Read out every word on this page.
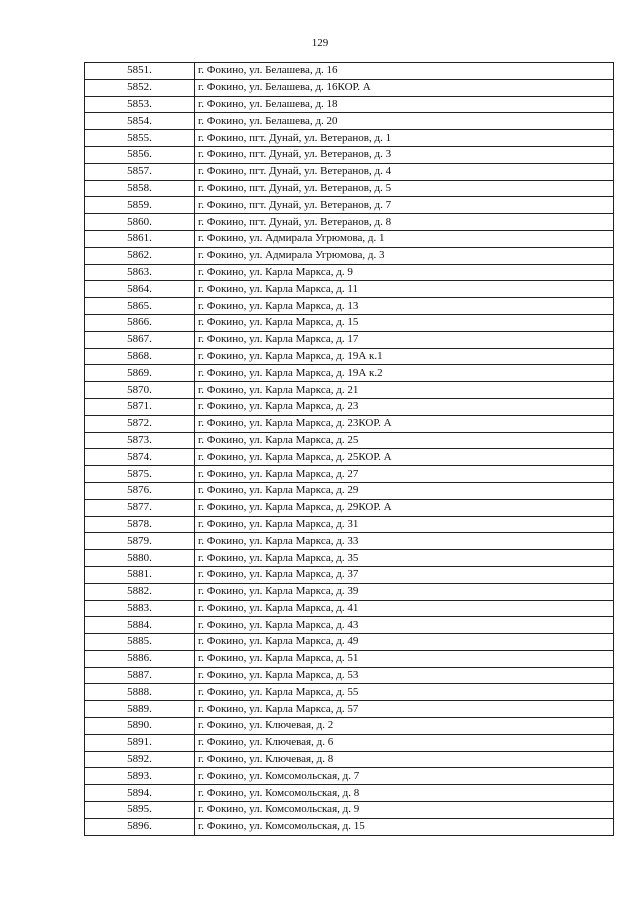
129
5851.	г. Фокино, ул. Белашева, д. 16
5852.	г. Фокино, ул. Белашева, д. 16КОР. А
5853.	г. Фокино, ул. Белашева, д. 18
5854.	г. Фокино, ул. Белашева, д. 20
5855.	г. Фокино, пгт. Дунай, ул. Ветеранов, д. 1
5856.	г. Фокино, пгт. Дунай, ул. Ветеранов, д. 3
5857.	г. Фокино, пгт. Дунай, ул. Ветеранов, д. 4
5858.	г. Фокино, пгт. Дунай, ул. Ветеранов, д. 5
5859.	г. Фокино, пгт. Дунай, ул. Ветеранов, д. 7
5860.	г. Фокино, пгт. Дунай, ул. Ветеранов, д. 8
5861.	г. Фокино, ул. Адмирала Угрюмова, д. 1
5862.	г. Фокино, ул. Адмирала Угрюмова, д. 3
5863.	г. Фокино, ул. Карла Маркса, д. 9
5864.	г. Фокино, ул. Карла Маркса, д. 11
5865.	г. Фокино, ул. Карла Маркса, д. 13
5866.	г. Фокино, ул. Карла Маркса, д. 15
5867.	г. Фокино, ул. Карла Маркса, д. 17
5868.	г. Фокино, ул. Карла Маркса, д. 19А к.1
5869.	г. Фокино, ул. Карла Маркса, д. 19А к.2
5870.	г. Фокино, ул. Карла Маркса, д. 21
5871.	г. Фокино, ул. Карла Маркса, д. 23
5872.	г. Фокино, ул. Карла Маркса, д. 23КОР. А
5873.	г. Фокино, ул. Карла Маркса, д. 25
5874.	г. Фокино, ул. Карла Маркса, д. 25КОР. А
5875.	г. Фокино, ул. Карла Маркса, д. 27
5876.	г. Фокино, ул. Карла Маркса, д. 29
5877.	г. Фокино, ул. Карла Маркса, д. 29КОР. А
5878.	г. Фокино, ул. Карла Маркса, д. 31
5879.	г. Фокино, ул. Карла Маркса, д. 33
5880.	г. Фокино, ул. Карла Маркса, д. 35
5881.	г. Фокино, ул. Карла Маркса, д. 37
5882.	г. Фокино, ул. Карла Маркса, д. 39
5883.	г. Фокино, ул. Карла Маркса, д. 41
5884.	г. Фокино, ул. Карла Маркса, д. 43
5885.	г. Фокино, ул. Карла Маркса, д. 49
5886.	г. Фокино, ул. Карла Маркса, д. 51
5887.	г. Фокино, ул. Карла Маркса, д. 53
5888.	г. Фокино, ул. Карла Маркса, д. 55
5889.	г. Фокино, ул. Карла Маркса, д. 57
5890.	г. Фокино, ул. Ключевая, д. 2
5891.	г. Фокино, ул. Ключевая, д. 6
5892.	г. Фокино, ул. Ключевая, д. 8
5893.	г. Фокино, ул. Комсомольская, д. 7
5894.	г. Фокино, ул. Комсомольская, д. 8
5895.	г. Фокино, ул. Комсомольская, д. 9
5896.	г. Фокино, ул. Комсомольская, д. 15
